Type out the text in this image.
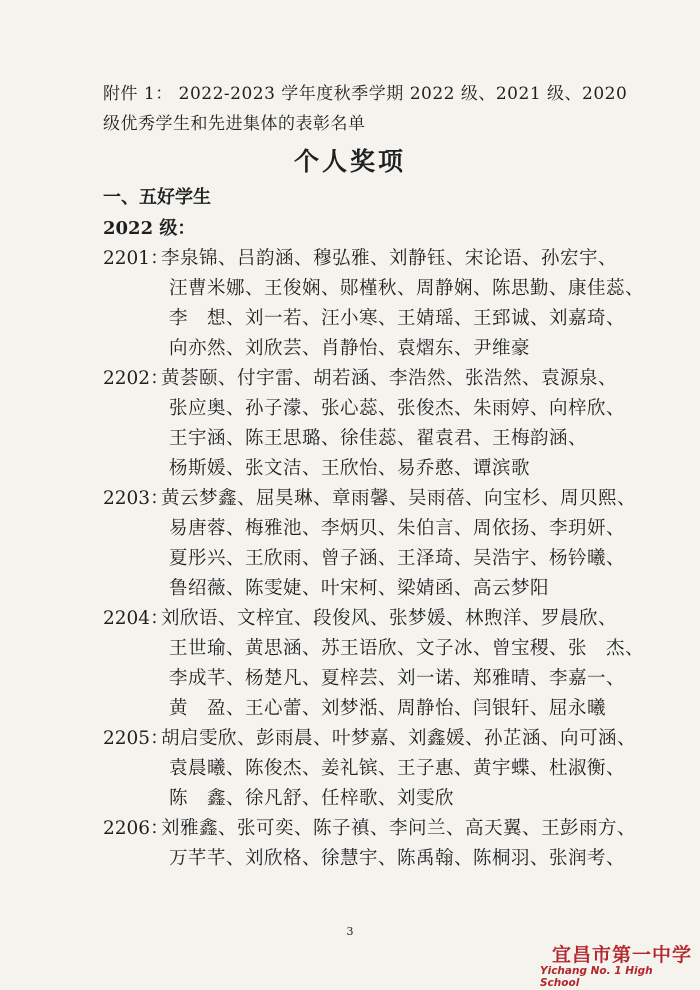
附件 1： 2022-2023 学年度秋季学期 2022 级、2021 级、2020
级优秀学生和先进集体的表彰名单
个人奖项
一、五好学生
2022 级：
2201：
李泉锦、吕韵涵、穆弘雅、刘静钰、宋论语、孙宏宇、
汪曹米娜、王俊娴、郧槿秋、周静娴、陈思勤、康佳蕊、
李　想、刘一若、汪小寒、王婧瑶、王郅诚、刘嘉琦、
向亦然、刘欣芸、肖静怡、袁熠东、尹维豪
2202：
黄荟颐、付宇雷、胡若涵、李浩然、张浩然、袁源泉、
张应奥、孙子濛、张心蕊、张俊杰、朱雨婷、向梓欣、
王宇涵、陈王思璐、徐佳蕊、翟袁君、王梅韵涵、
杨斯媛、张文洁、王欣怡、易乔憨、谭滨歌
2203：
黄云梦鑫、屈昊琳、章雨馨、吴雨蓓、向宝杉、周贝熙、
易唐蓉、梅雅池、李炳贝、朱伯言、周依扬、李玥妍、
夏彤兴、王欣雨、曾子涵、王泽琦、吴浩宇、杨钤曦、
鲁绍薇、陈雯婕、叶宋柯、梁婧函、高云梦阳
2204：
刘欣语、文梓宜、段俊风、张梦媛、林煦洋、罗晨欣、
王世瑜、黄思涵、苏王语欣、文子冰、曾宝稷、张　杰、
李成芊、杨楚凡、夏梓芸、刘一诺、郑雅晴、李嘉一、
黄　盈、王心蕾、刘梦湉、周静怡、闫银轩、屈永曦
2205：
胡启雯欣、彭雨晨、叶梦嘉、刘鑫媛、孙芷涵、向可涵、
袁晨曦、陈俊杰、姜礼镔、王子惠、黄宇蝶、杜淑衡、
陈　鑫、徐凡舒、任梓歌、刘雯欣
2206：
刘雅鑫、张可奕、陈子禛、李问兰、高天翼、王彭雨方、
万芊芊、刘欣格、徐慧宇、陈禹翰、陈桐羽、张润考、
3
宜昌市第一中学
Yichang No. 1 High School
